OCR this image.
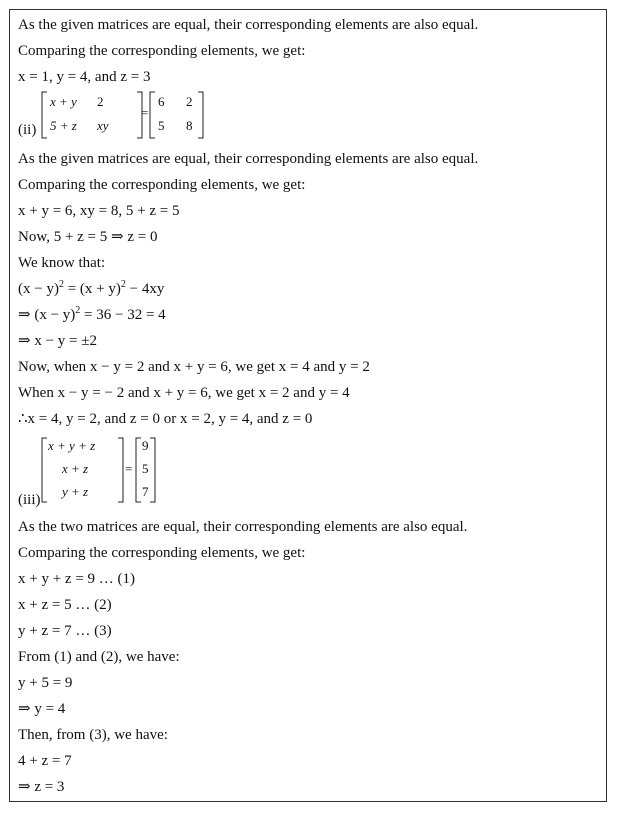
As the given matrices are equal, their corresponding elements are also equal.
Comparing the corresponding elements, we get:
x = 1, y = 4, and z = 3
(ii)
x + y 2
5 + z xy
=
6 2
5 8
As the given matrices are equal, their corresponding elements are also equal.
Comparing the corresponding elements, we get:
x + y = 6, xy = 8, 5 + z = 5
Now, 5 + z = 5 ⇒ z = 0
We know that:
$(x - y)^2 = (x + y)^2 - 4xy$
⇒ $(x - y)^2 = 36 - 32 = 4$
⇒ x − y = ±2
Now, when x − y = 2 and x + y = 6, we get x = 4 and y = 2
When x − y = − 2 and x + y = 6, we get x = 2 and y = 4
∴x = 4, y = 2, and z = 0 or x = 2, y = 4, and z = 0
(iii)
x + y + z
x + z
y + z
=
9
5
7
As the two matrices are equal, their corresponding elements are also equal.
Comparing the corresponding elements, we get:
x + y + z = 9 … (1)
x + z = 5 … (2)
y + z = 7 … (3)
From (1) and (2), we have:
y + 5 = 9
⇒ y = 4
Then, from (3), we have:
4 + z = 7
⇒ z = 3
